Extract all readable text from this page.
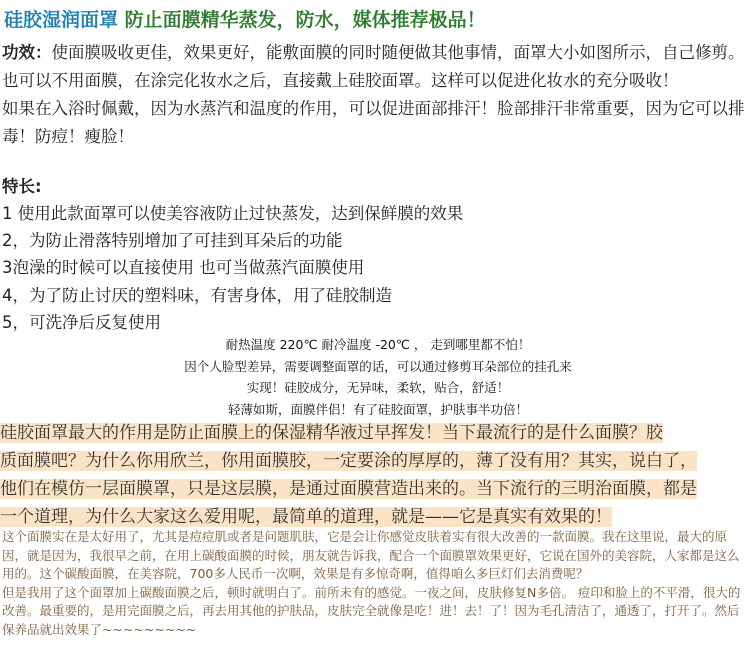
硅胶湿润面罩 防止面膜精华蒸发，防水，媒体推荐极品！

功效：使面膜吸收更佳，效果更好，能敷面膜的同时随便做其他事情，面罩大小如图所示，自己修剪。

也可以不用面膜，在涂完化妆水之后，直接戴上硅胶面罩。这样可以促进化妆水的充分吸收！

如果在入浴时佩戴，因为水蒸汽和温度的作用，可以促进面部排汗！脸部排汗非常重要，因为它可以排毒！防痘！瘦脸！

特长:
1 使用此款面罩可以使美容液防止过快蒸发，达到保鲜膜的效果
2，为防止滑落特别增加了可挂到耳朵后的功能
3泡澡的时候可以直接使用 也可当做蒸汽面膜使用
4，为了防止讨厌的塑料味，有害身体，用了硅胶制造
5，可洗净后反复使用
耐热温度 220℃ 耐冷温度 -20℃ ， 走到哪里都不怕！
因个人脸型差异，需要调整面罩的话，可以通过修剪耳朵部位的挂孔来
实现！硅胶成分，无异味，柔软，贴合，舒适！
轻薄如斯，面膜伴侣！有了硅胶面罩，护肤事半功倍！
硅胶面罩最大的作用是防止面膜上的保湿精华液过早挥发！当下最流行的是什么面膜？胶
质面膜吧？为什么你用欣兰，你用面膜胶，一定要涂的厚厚的，薄了没有用？其实，说白了，
他们在模仿一层面膜罩，只是这层膜，是通过面膜营造出来的。当下流行的三明治面膜，都是
一个道理，为什么大家这么爱用呢，最简单的道理，就是——它是真实有效果的！

这个面膜实在是太好用了，尤其是痘痘肌或者是问题肌肤，它是会让你感觉皮肤着实有很大改善的一款面膜。我在这里说，最大的原因，就是因为，我很早之前，在用上碳酸面膜的时候，朋友就告诉我，配合一个面膜罩效果更好，它说在国外的美容院，人家都是这么用的。这个碳酸面膜，在美容院，700多人民币一次啊，效果是有多惊奇啊，值得咱么多巨灯们去消费呢？

但是我用了这个面罩加上碳酸面膜之后，顿时就明白了。前所未有的感觉。一夜之间，皮肤修复N多倍。 痘印和脸上的不平滑，很大的改善。最重要的，是用完面膜之后，再去用其他的护肤品，皮肤完全就像是吃！进！去！了！因为毛孔清洁了，通透了，打开了。然后保养品就出效果了~~~~~~~~~
